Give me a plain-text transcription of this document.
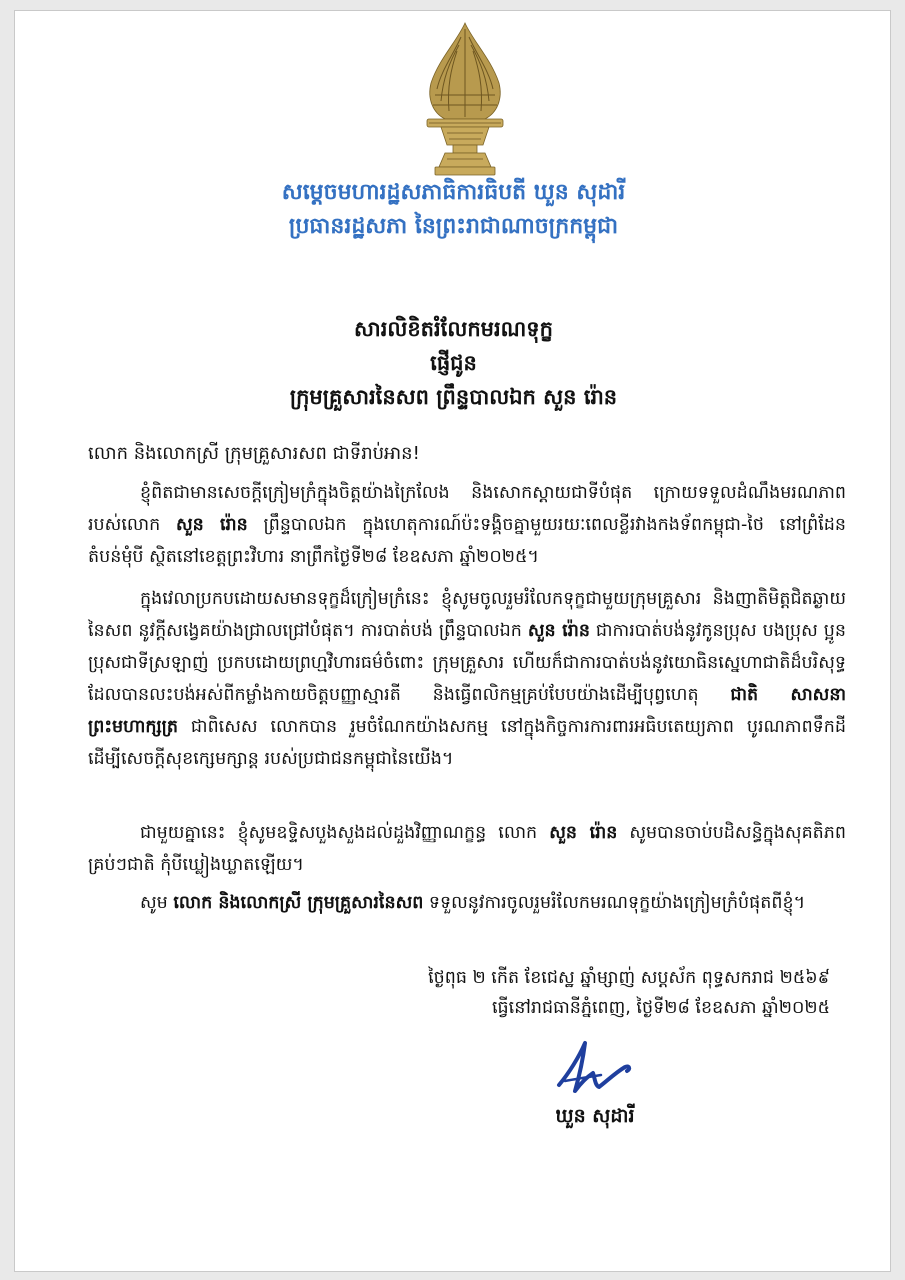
សម្ដេចមហារដ្ឋសភាធិការធិបតី ឃួន សុដារី
ប្រធានរដ្ឋសភា នៃព្រះរាជាណាចក្រកម្ពុជា
សារលិខិតរំលែកមរណទុក្ខ
ផ្ញើជូន
ក្រុមគ្រួសារនៃសព ព្រឹន្ទបាលឯក សួន រ៉ោន
លោក និងលោកស្រី ក្រុមគ្រួសារសព ជាទីរាប់អាន!
ខ្ញុំពិតជាមានសេចក្ដីក្រៀមក្រំក្នុងចិត្តយ៉ាងក្រៃលែង និងសោកស្ដាយជាទីបំផុត ក្រោយទទួលដំណឹងមរណភាពរបស់លោក សួន រ៉ោន ព្រឹន្ទបាលឯក ក្នុងហេតុការណ៍ប៉ះទង្គិចគ្នាមួយរយៈពេលខ្លីរវាងកងទ័ពកម្ពុជា-ថៃ នៅព្រំដែនតំបន់មុំបី ស្ថិតនៅខេត្តព្រះវិហារ នាព្រឹកថ្ងៃទី២៨ ខែឧសភា ឆ្នាំ២០២៥។
ក្នុងវេលាប្រកបដោយសមានទុក្ខដ៏ក្រៀមក្រំនេះ ខ្ញុំសូមចូលរួមរំលែកទុក្ខជាមួយក្រុមគ្រួសារ និងញាតិមិត្តជិតឆ្ងាយនៃសព នូវក្ដីសង្វេគយ៉ាងជ្រាលជ្រៅបំផុត។ ការបាត់បង់ ព្រឹន្ទបាលឯក សួន រ៉ោន ជាការបាត់បង់នូវកូនប្រុស បងប្រុស ប្អូនប្រុសជាទីស្រឡាញ់ ប្រកបដោយព្រហ្មវិហារធម៌ចំពោះ ក្រុមគ្រួសារ ហើយក៏ជាការបាត់បង់នូវយោធិនស្នេហាជាតិដ៏បរិសុទ្ធ ដែលបានលះបង់អស់ពីកម្លាំងកាយចិត្តបញ្ញាស្មារតី និងធ្វើពលិកម្មគ្រប់បែបយ៉ាងដើម្បីបុព្វហេតុ ជាតិ សាសនា ព្រះមហាក្សត្រ ជាពិសេស លោកបាន រួមចំណែកយ៉ាងសកម្ម នៅក្នុងកិច្ចការការពារអធិបតេយ្យភាព បូរណភាពទឹកដី ដើម្បីសេចក្ដីសុខក្សេមក្សាន្ត របស់ប្រជាជនកម្ពុជានៃយើង។
ជាមួយគ្នានេះ ខ្ញុំសូមឧទ្ទិសបួងសួងដល់ដួងវិញ្ញាណក្ខន្ធ លោក សួន រ៉ោន សូមបានចាប់បដិសន្ធិក្នុងសុគតិភពគ្រប់ៗជាតិ កុំបីឃ្លៀងឃ្លាតឡើយ។
សូម លោក និងលោកស្រី ក្រុមគ្រួសារនៃសព ទទួលនូវការចូលរួមរំលែកមរណទុក្ខយ៉ាងក្រៀមក្រំបំផុតពីខ្ញុំ។
ថ្ងៃពុធ ២ កើត ខែជេស្ឋ ឆ្នាំម្សាញ់ សប្តស័ក ពុទ្ធសករាជ ២៥៦៩
ធ្វើនៅរាជធានីភ្នំពេញ, ថ្ងៃទី២៨ ខែឧសភា ឆ្នាំ២០២៥
ឃួន សុដារី
